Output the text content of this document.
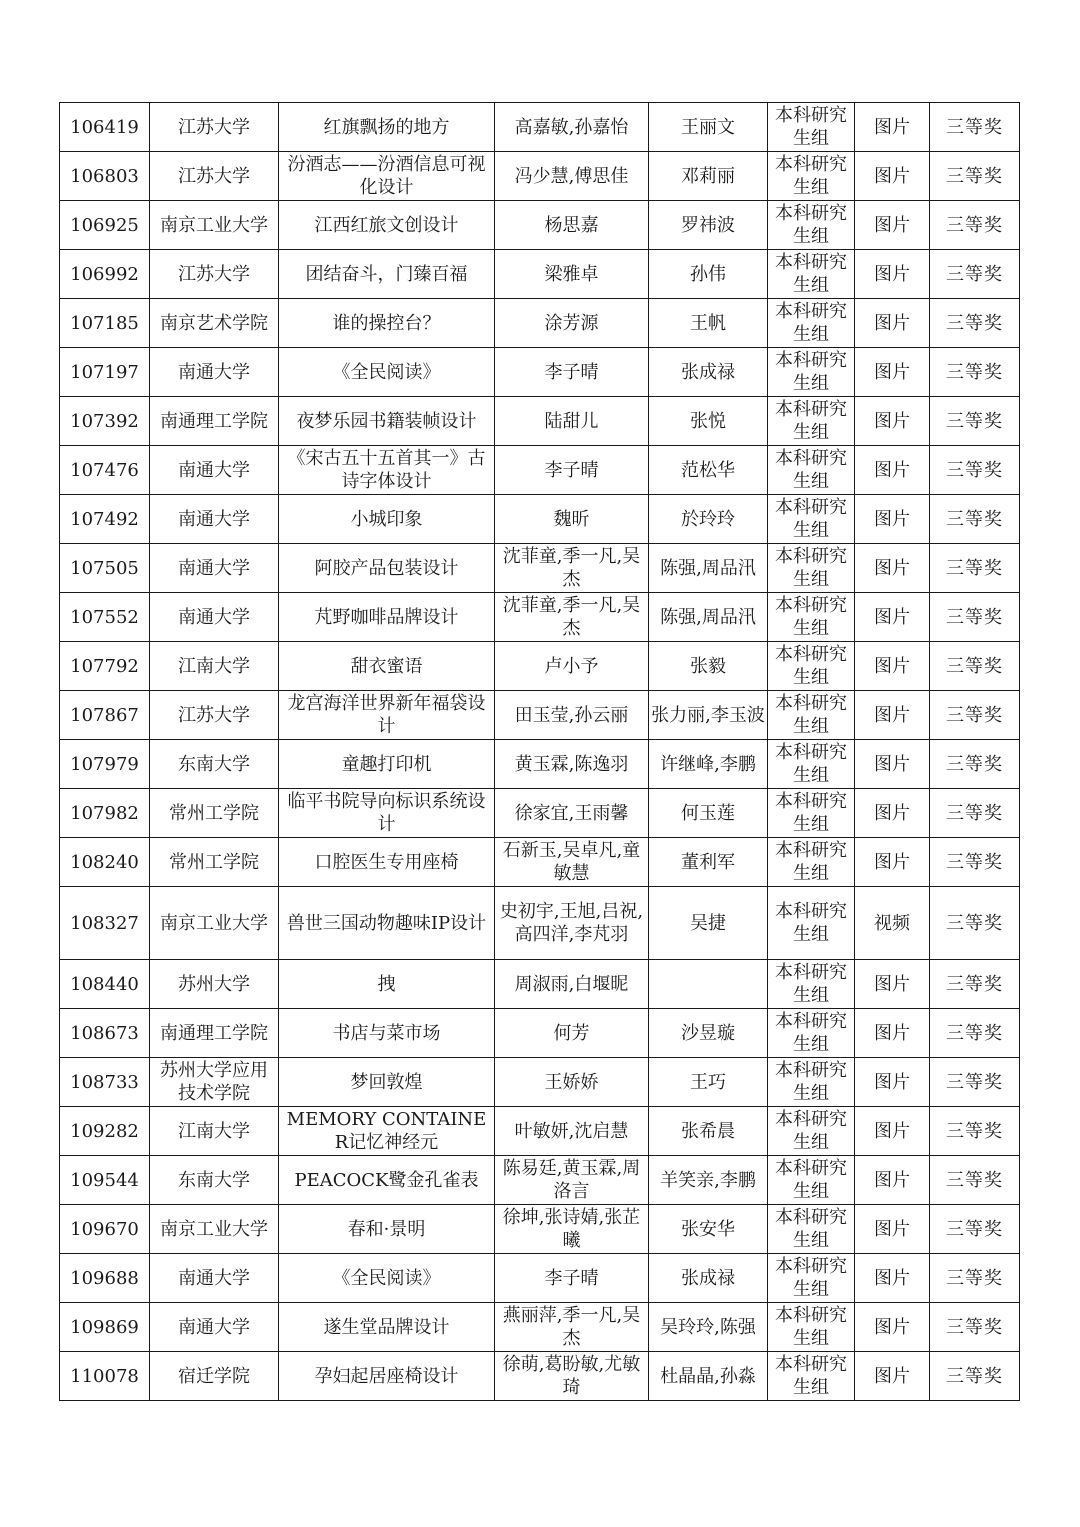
106419	江苏大学	红旗飘扬的地方	高嘉敏,孙嘉怡	王丽文	本科研究生组	图片	三等奖
106803	江苏大学	汾酒志——汾酒信息可视化设计	冯少慧,傅思佳	邓莉丽	本科研究生组	图片	三等奖
106925	南京工业大学	江西红旅文创设计	杨思嘉	罗祎波	本科研究生组	图片	三等奖
106992	江苏大学	团结奋斗，门臻百福	梁雅卓	孙伟	本科研究生组	图片	三等奖
107185	南京艺术学院	谁的操控台？	涂芳源	王帆	本科研究生组	图片	三等奖
107197	南通大学	《全民阅读》	李子晴	张成禄	本科研究生组	图片	三等奖
107392	南通理工学院	夜梦乐园书籍装帧设计	陆甜儿	张悦	本科研究生组	图片	三等奖
107476	南通大学	《宋古五十五首其一》古诗字体设计	李子晴	范松华	本科研究生组	图片	三等奖
107492	南通大学	小城印象	魏昕	於玲玲	本科研究生组	图片	三等奖
107505	南通大学	阿胶产品包装设计	沈菲童,季一凡,吴杰	陈强,周品汛	本科研究生组	图片	三等奖
107552	南通大学	芃野咖啡品牌设计	沈菲童,季一凡,吴杰	陈强,周品汛	本科研究生组	图片	三等奖
107792	江南大学	甜衣蜜语	卢小予	张毅	本科研究生组	图片	三等奖
107867	江苏大学	龙宫海洋世界新年福袋设计	田玉莹,孙云丽	张力丽,李玉波	本科研究生组	图片	三等奖
107979	东南大学	童趣打印机	黄玉霖,陈逸羽	许继峰,李鹏	本科研究生组	图片	三等奖
107982	常州工学院	临平书院导向标识系统设计	徐家宜,王雨馨	何玉莲	本科研究生组	图片	三等奖
108240	常州工学院	口腔医生专用座椅	石新玉,吴卓凡,童敏慧	董利军	本科研究生组	图片	三等奖
108327	南京工业大学	兽世三国动物趣味IP设计	史初宇,王旭,吕祝,高四洋,李芃羽	吴捷	本科研究生组	视频	三等奖
108440	苏州大学	拽	周淑雨,白堰昵		本科研究生组	图片	三等奖
108673	南通理工学院	书店与菜市场	何芳	沙昱璇	本科研究生组	图片	三等奖
108733	苏州大学应用技术学院	梦回敦煌	王娇娇	王巧	本科研究生组	图片	三等奖
109282	江南大学	MEMORY CONTAINER记忆神经元	叶敏妍,沈启慧	张希晨	本科研究生组	图片	三等奖
109544	东南大学	PEACOCK鹭金孔雀表	陈易廷,黄玉霖,周洛言	羊笑亲,李鹏	本科研究生组	图片	三等奖
109670	南京工业大学	春和·景明	徐坤,张诗婧,张芷曦	张安华	本科研究生组	图片	三等奖
109688	南通大学	《全民阅读》	李子晴	张成禄	本科研究生组	图片	三等奖
109869	南通大学	遂生堂品牌设计	燕丽萍,季一凡,吴杰	吴玲玲,陈强	本科研究生组	图片	三等奖
110078	宿迁学院	孕妇起居座椅设计	徐萌,葛盼敏,尤敏琦	杜晶晶,孙淼	本科研究生组	图片	三等奖
